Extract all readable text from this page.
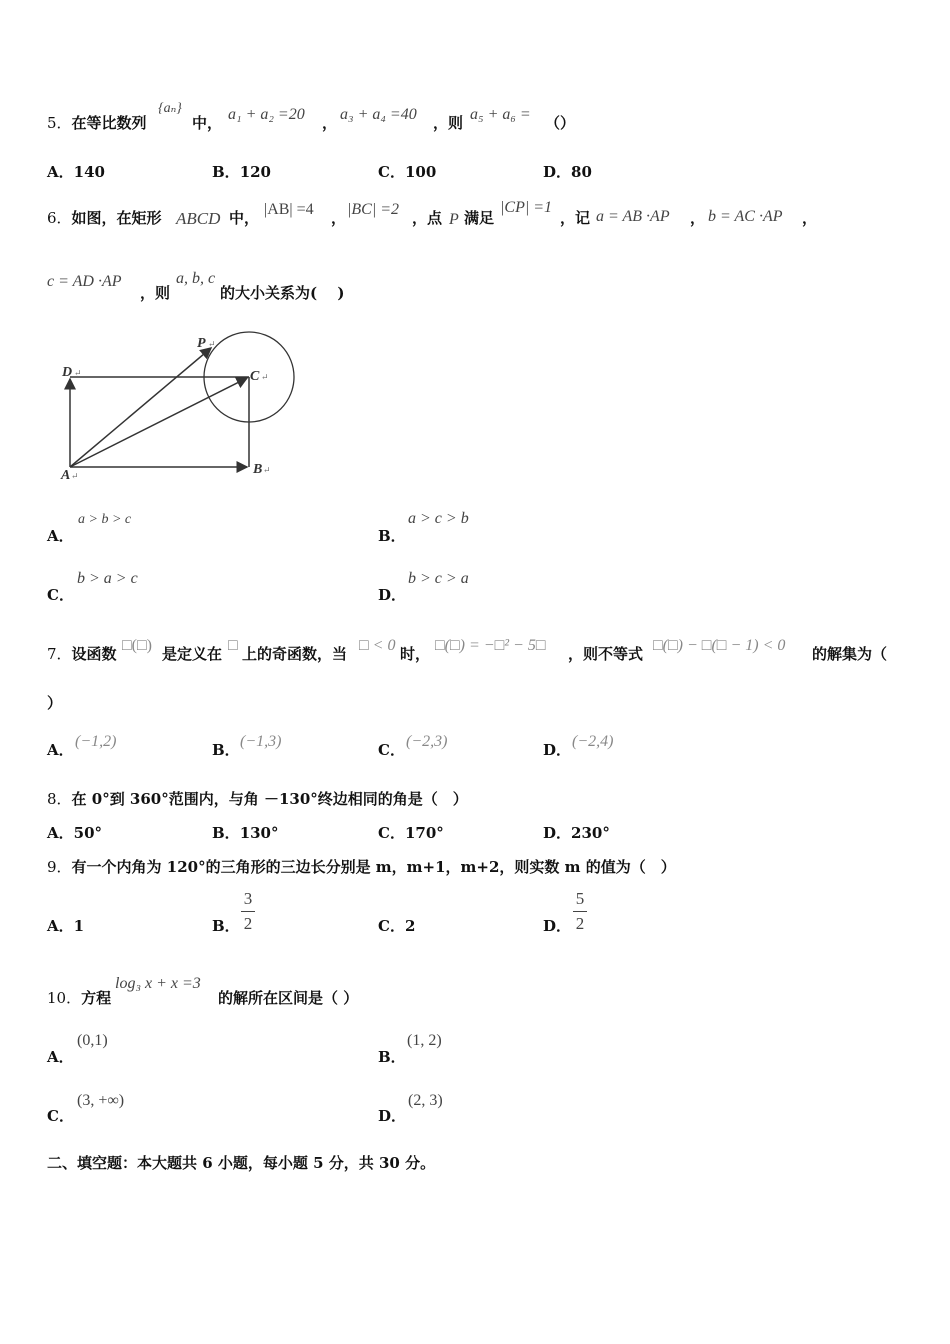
5．在等比数列
{aₙ}
中， a₁ + a₂ =20 ， a₃ + a₄ =40 ，则 a₅ + a₆ = （）
A．140	B．120	C．100	D．80
6．如图，在矩形 ABCD 中， |AB| =4 ， |BC| =2 ，点 P 满足
|CP| =1
，记 a = AB ·AP ， b = AC ·AP ，
c = AD ·AP
，则
a, b, c
的大小关系为(　 )
D ↵	C ↵
P ↵
A ↵	B ↵
A．
a > b > c
B．
a > c > b
C．
b > a > c
D．
b > c > a
7．设函数 □(□) 是定义在 □ 上的奇函数，当 □ < 0 时， □(□) = −□² − 5□ ，则不等式 □(□) − □(□ − 1) < 0 的解集为（
）
A． (−1,2)	B． (−1,3)	C． (−2,3)	D． (−2,4)
8．在 0°到 360°范围内，与角 －130°终边相同的角是（　）
A．50°	B．130°	C．170°	D．230°
9．有一个内角为 120°的三角形的三边长分别是 m，m+1，m+2，则实数 m 的值为（　）
A．1	B．
3
2	C．2	D．
5
2
10．方程
log₃ x + x =3
的解所在区间是（ ）
A．
(0,1)
B．
(1, 2)
C．
(3, +∞)
D．
(2, 3)
二、填空题：本大题共 6 小题，每小题 5 分，共 30 分。
